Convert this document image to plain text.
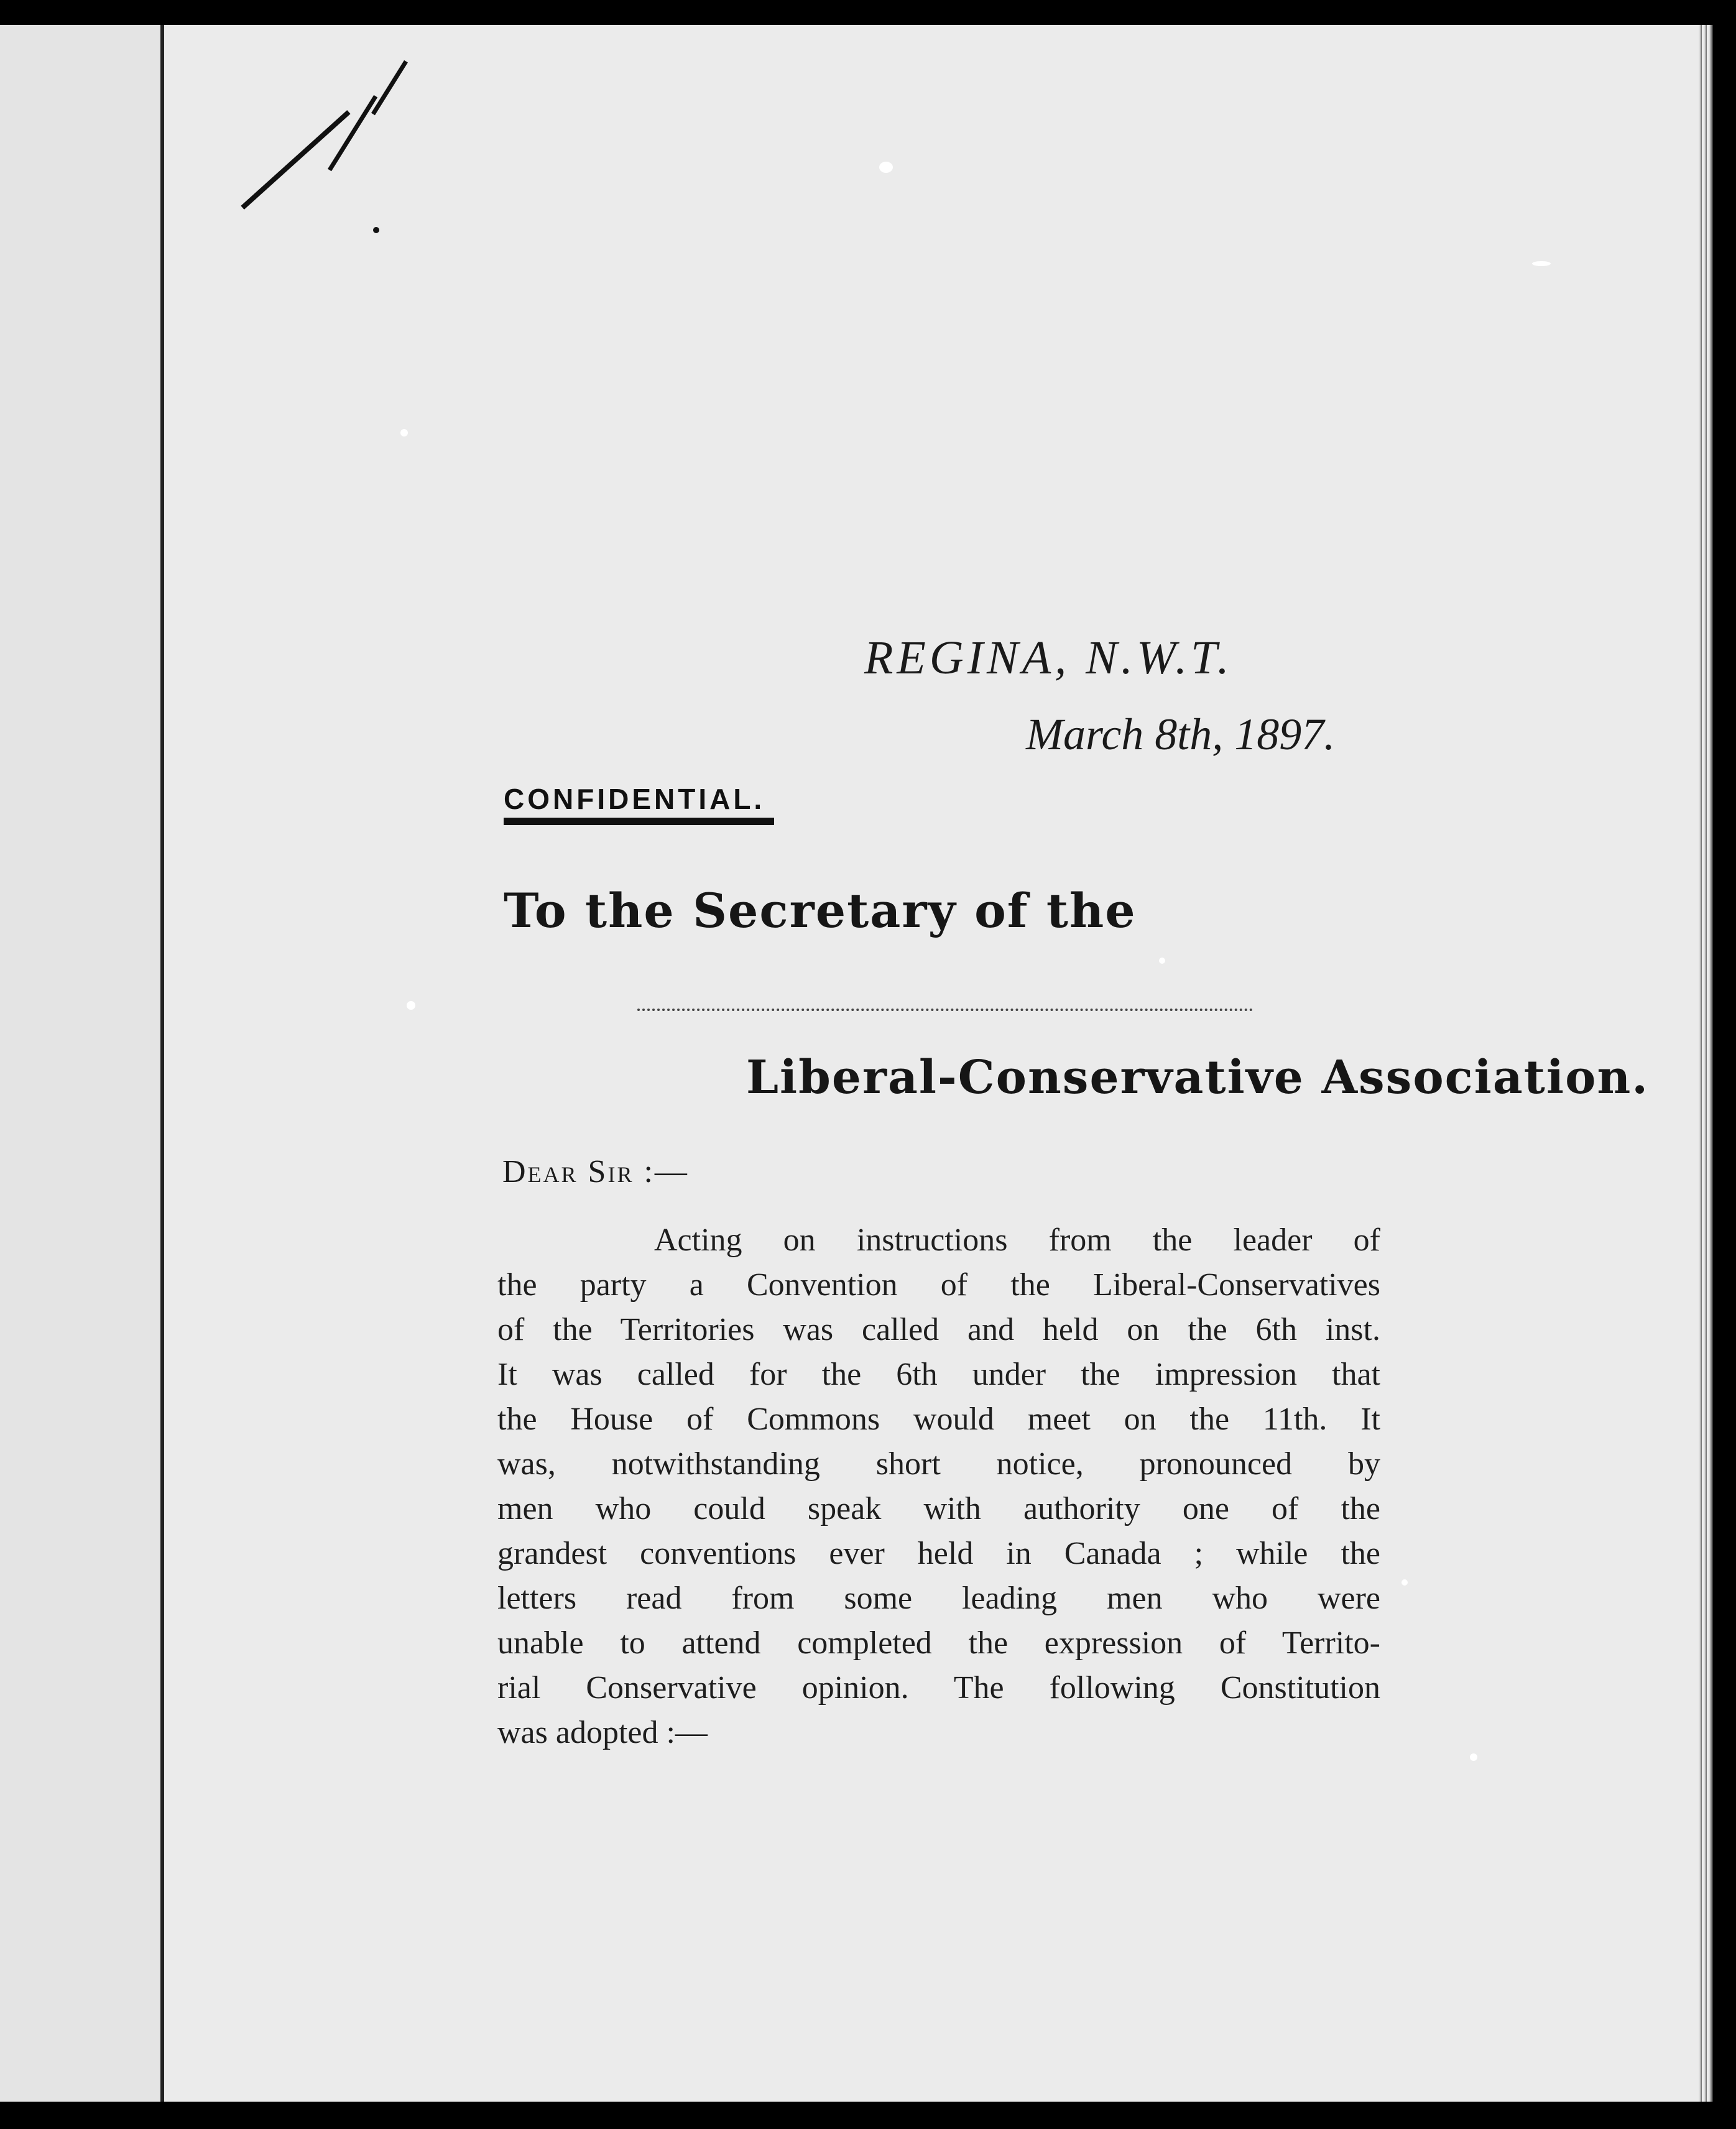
REGINA, N.W.T.
March 8th, 1897.
CONFIDENTIAL.
To the Secretary of the
Liberal-Conservative Association.
Dear Sir :—
Acting on instructions from the leader of
the party a Convention of the Liberal-Conservatives
of the Territories was called and held on the 6th inst.
It was called for the 6th under the impression that
the House of Commons would meet on the 11th. It
was, notwithstanding short notice, pronounced by
men who could speak with authority one of the
grandest conventions ever held in Canada ; while the
letters read from some leading men who were
unable to attend completed the expression of Territo-
rial Conservative opinion. The following Constitution
was adopted :—
